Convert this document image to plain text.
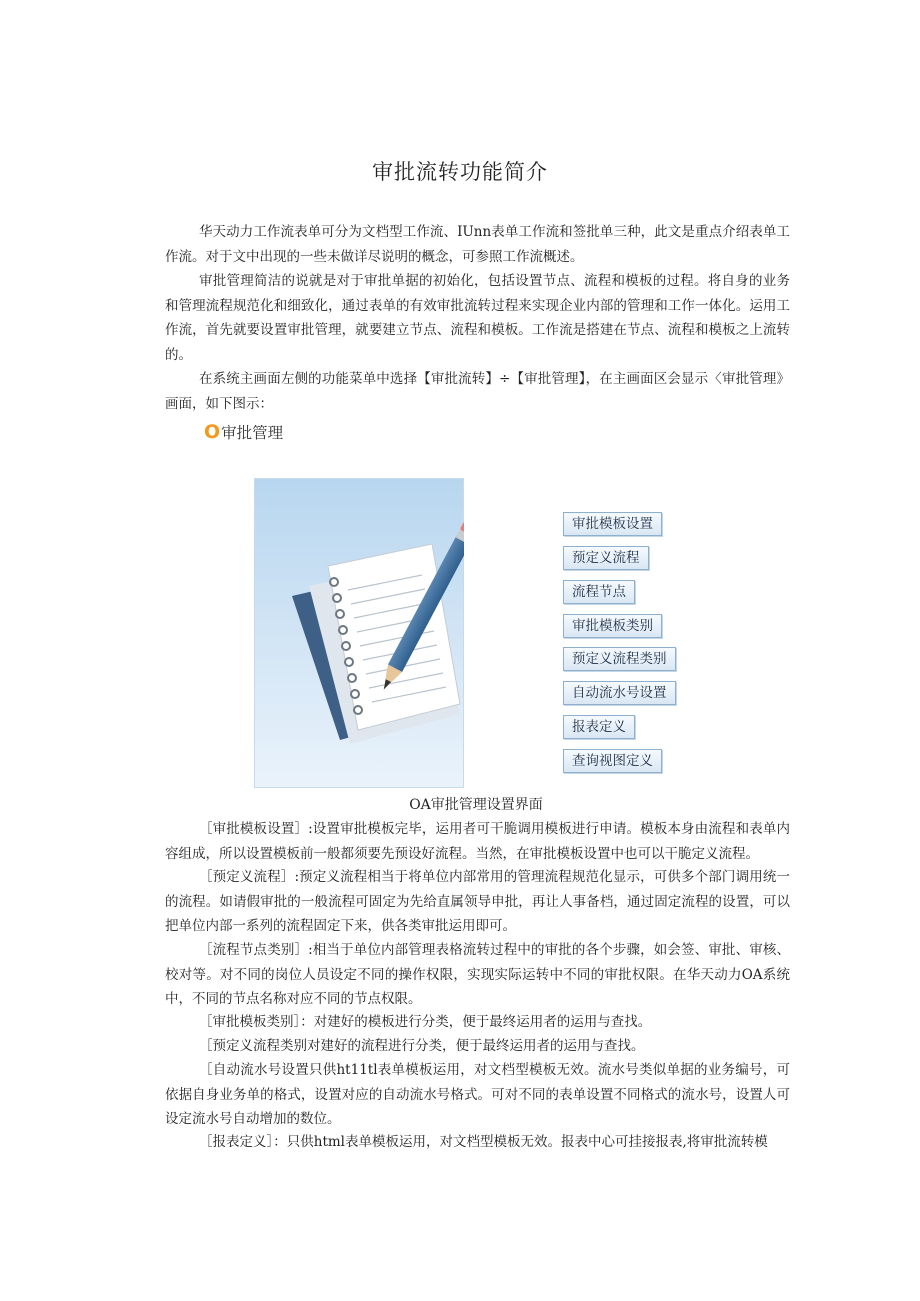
审批流转功能简介

华天动力工作流表单可分为文档型工作流、IUnn表单工作流和签批单三种，此文是重点介绍表单工作流。对于文中出现的一些未做详尽说明的概念，可参照工作流概述。

审批管理简洁的说就是对于审批单据的初始化，包括设置节点、流程和模板的过程。将自身的业务和管理流程规范化和细致化，通过表单的有效审批流转过程来实现企业内部的管理和工作一体化。运用工作流，首先就要设置审批管理，就要建立节点、流程和模板。工作流是搭建在节点、流程和模板之上流转的。

在系统主画面左侧的功能菜单中选择【审批流转】÷【审批管理】，在主画面区会显示〈审批管理》画面，如下图示：

O审批管理
审批模板设置
预定义流程
流程节点
审批模板类别
预定义流程类别
自动流水号设置
报表定义
查询视图定义
OA审批管理设置界面

［审批模板设置］:设置审批模板完毕，运用者可干脆调用模板进行申请。模板本身由流程和表单内容组成，所以设置模板前一般都须要先预设好流程。当然，在审批模板设置中也可以干脆定义流程。

［预定义流程］:预定义流程相当于将单位内部常用的管理流程规范化显示，可供多个部门调用统一的流程。如请假审批的一般流程可固定为先给直属领导申批，再让人事备档，通过固定流程的设置，可以把单位内部一系列的流程固定下来，供各类审批运用即可。

［流程节点类别］:相当于单位内部管理表格流转过程中的审批的各个步骤，如会签、审批、审核、校对等。对不同的岗位人员设定不同的操作权限，实现实际运转中不同的审批权限。在华天动力OA系统中，不同的节点名称对应不同的节点权限。

［审批模板类别］：对建好的模板进行分类，便于最终运用者的运用与查找。

［预定义流程类别对建好的流程进行分类，便于最终运用者的运用与查找。

［自动流水号设置只供ht11tl表单模板运用，对文档型模板无效。流水号类似单据的业务编号，可依据自身业务单的格式，设置对应的自动流水号格式。可对不同的表单设置不同格式的流水号，设置人可设定流水号自动增加的数位。

［报表定义］：只供html表单模板运用，对文档型模板无效。报表中心可挂接报表,将审批流转模
